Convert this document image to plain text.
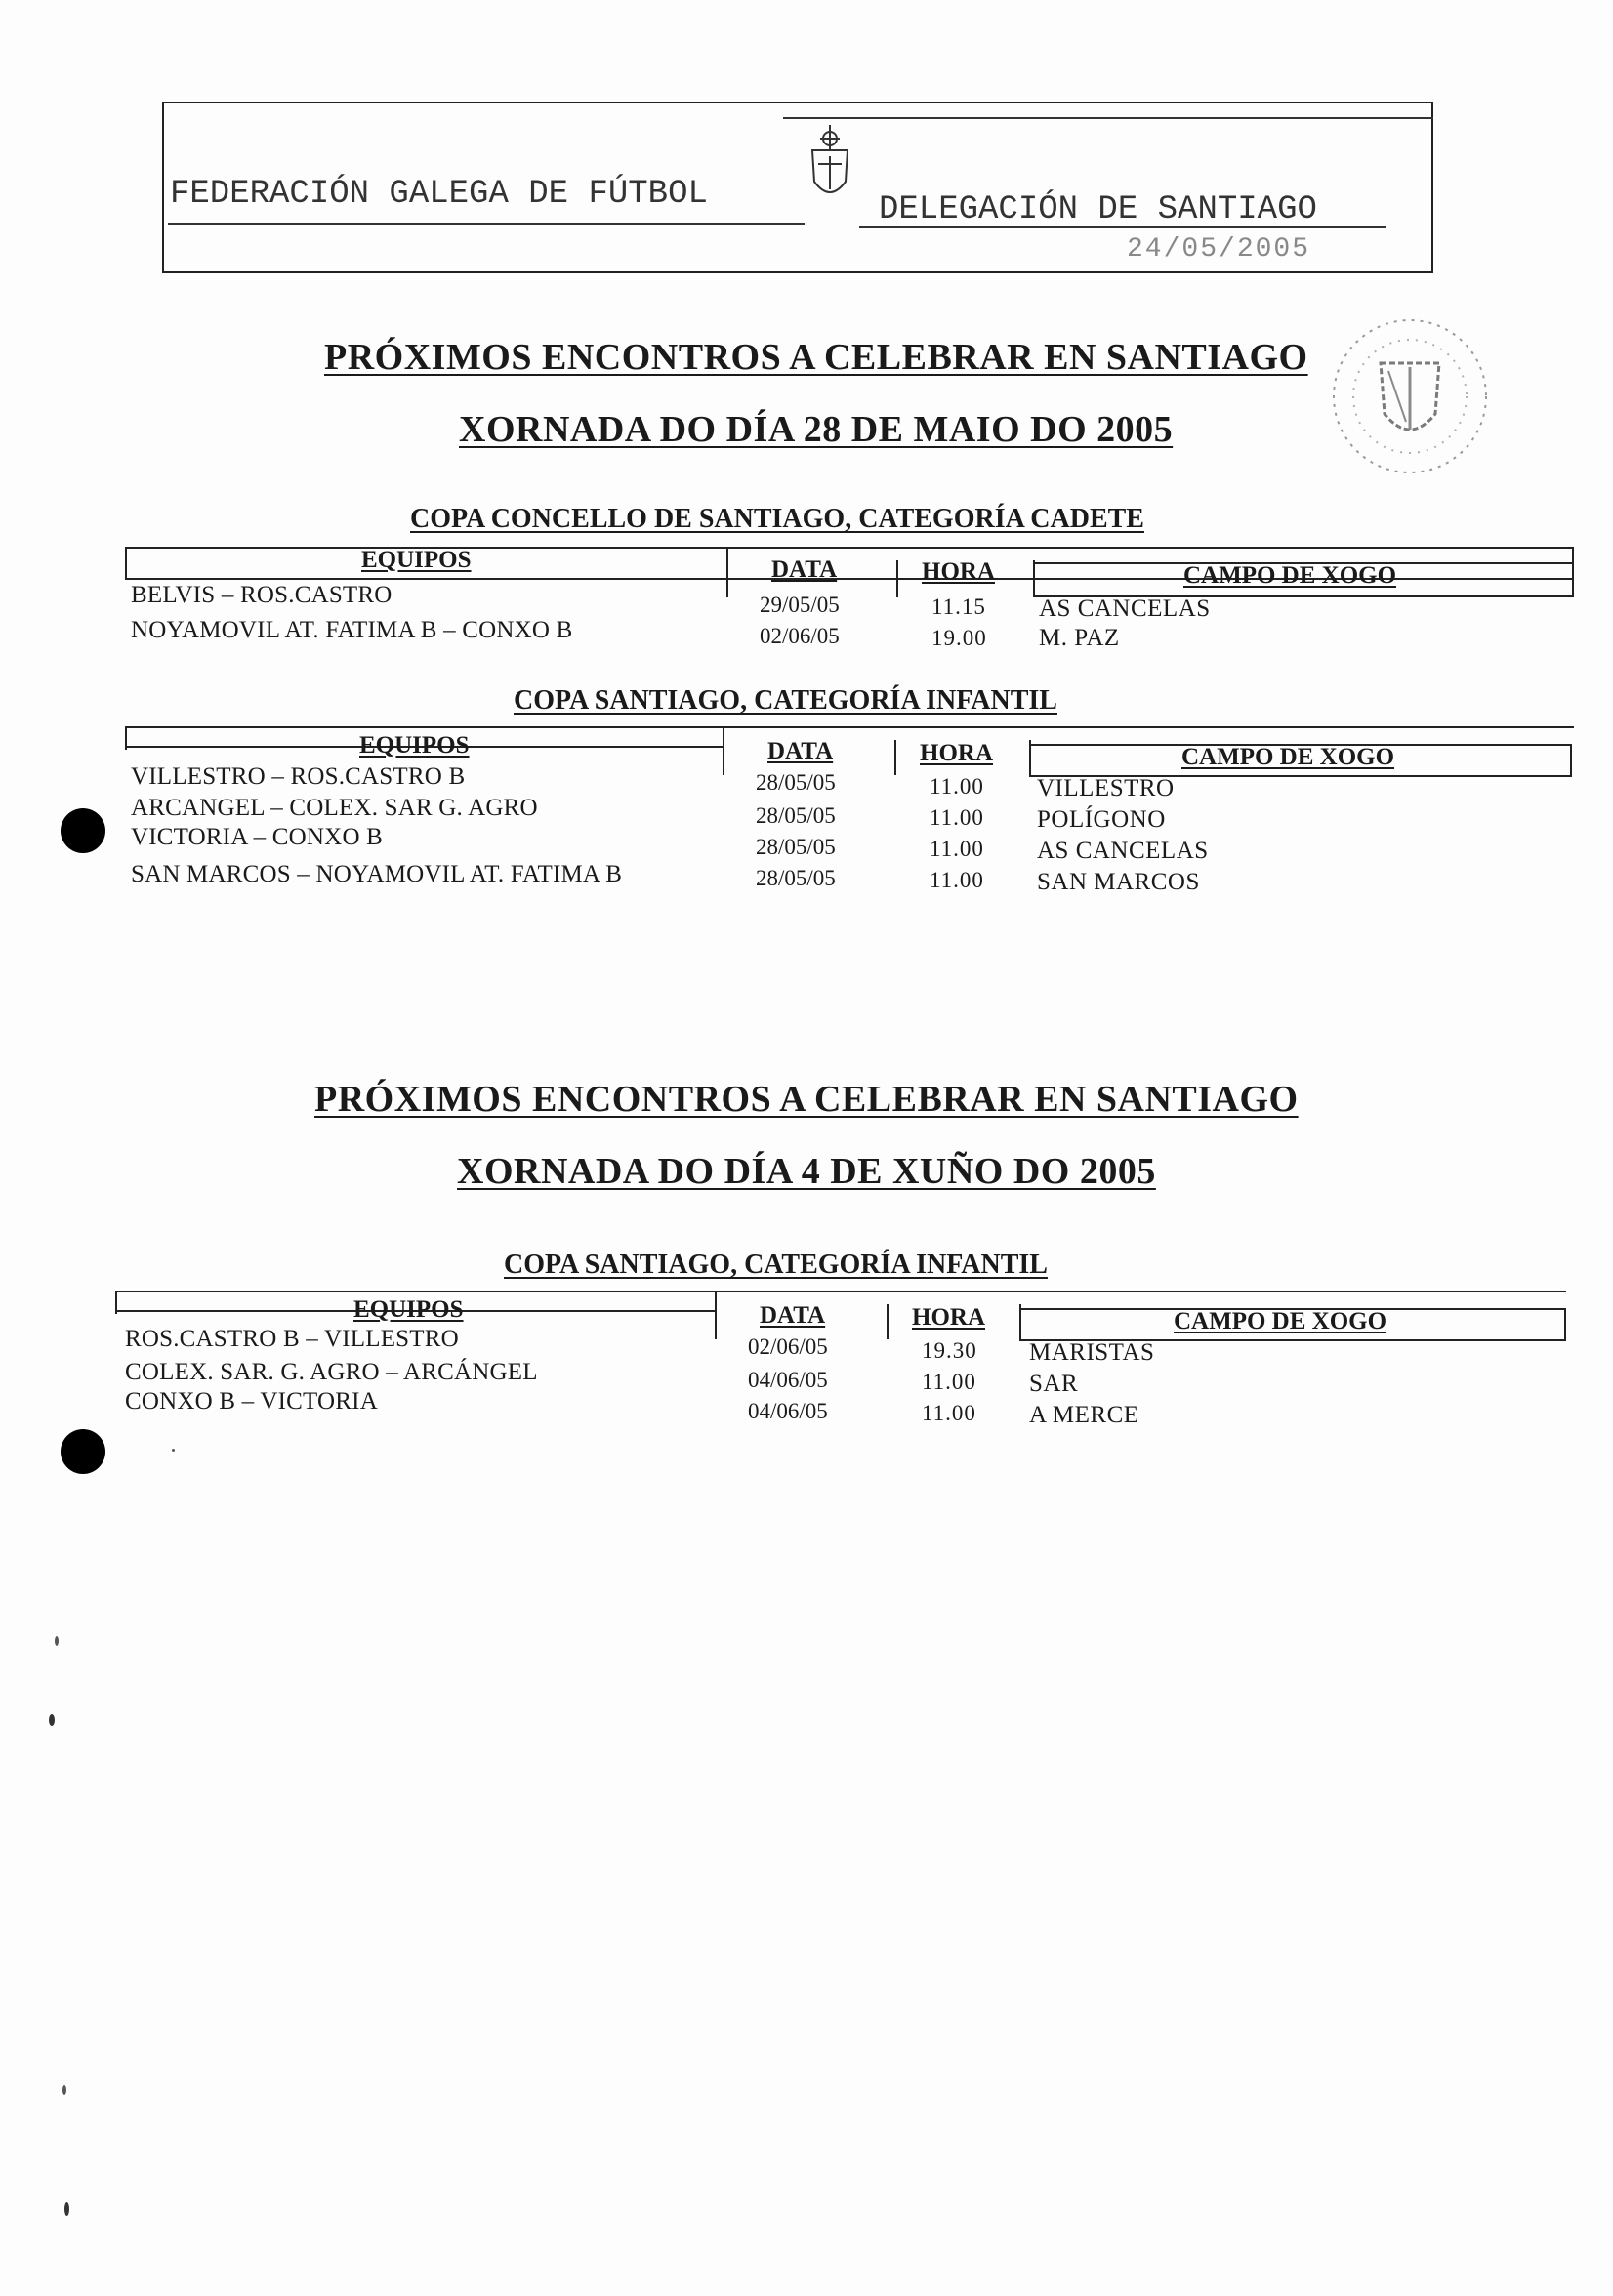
FEDERACIÓN GALEGA DE FÚTBOL	DELEGACIÓN DE SANTIAGO
24/05/2005
PRÓXIMOS ENCONTROS A CELEBRAR EN SANTIAGO
XORNADA DO DÍA 28 DE MAIO DO 2005
COPA CONCELLO DE SANTIAGO, CATEGORÍA CADETE
EQUIPOS	DATA	HORA	CAMPO DE XOGO
BELVIS – ROS.CASTRO	29/05/05	11.15 AS CANCELAS
NOYAMOVIL AT. FATIMA B – CONXO B	02/06/05	19.00 M. PAZ
COPA SANTIAGO, CATEGORÍA INFANTIL
EQUIPOS	DATA	HORA	CAMPO DE XOGO
VILLESTRO – ROS.CASTRO B	28/05/05	11.00 VILLESTRO
ARCANGEL – COLEX. SAR G. AGRO	28/05/05	11.00 POLÍGONO
VICTORIA – CONXO B	28/05/05	11.00 AS CANCELAS
SAN MARCOS – NOYAMOVIL AT. FATIMA B	28/05/05	11.00 SAN MARCOS
PRÓXIMOS ENCONTROS A CELEBRAR EN SANTIAGO
XORNADA DO DÍA 4 DE XUÑO DO 2005
COPA SANTIAGO, CATEGORÍA INFANTIL
EQUIPOS	DATA	HORA	CAMPO DE XOGO
ROS.CASTRO B – VILLESTRO	02/06/05	19.30 MARISTAS
COLEX. SAR. G. AGRO – ARCÁNGEL	04/06/05	11.00 SAR
CONXO B – VICTORIA	04/06/05	11.00 A MERCE
